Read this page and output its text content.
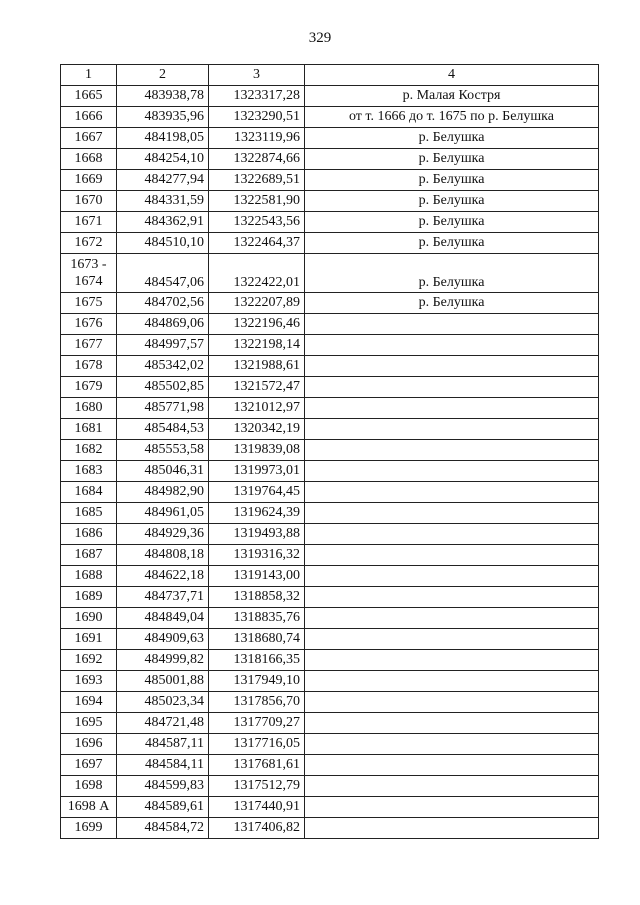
329
1	2	3	4
1665	483938,78	1323317,28	р. Малая Костря
1666	483935,96	1323290,51	от т. 1666 до т. 1675 по р. Белушка
1667	484198,05	1323119,96	р. Белушка
1668	484254,10	1322874,66	р. Белушка
1669	484277,94	1322689,51	р. Белушка
1670	484331,59	1322581,90	р. Белушка
1671	484362,91	1322543,56	р. Белушка
1672	484510,10	1322464,37	р. Белушка
1673 - 1674	484547,06	1322422,01	р. Белушка
1675	484702,56	1322207,89	р. Белушка
1676	484869,06	1322196,46	
1677	484997,57	1322198,14	
1678	485342,02	1321988,61	
1679	485502,85	1321572,47	
1680	485771,98	1321012,97	
1681	485484,53	1320342,19	
1682	485553,58	1319839,08	
1683	485046,31	1319973,01	
1684	484982,90	1319764,45	
1685	484961,05	1319624,39	
1686	484929,36	1319493,88	
1687	484808,18	1319316,32	
1688	484622,18	1319143,00	
1689	484737,71	1318858,32	
1690	484849,04	1318835,76	
1691	484909,63	1318680,74	
1692	484999,82	1318166,35	
1693	485001,88	1317949,10	
1694	485023,34	1317856,70	
1695	484721,48	1317709,27	
1696	484587,11	1317716,05	
1697	484584,11	1317681,61	
1698	484599,83	1317512,79	
1698 А	484589,61	1317440,91	
1699	484584,72	1317406,82	
